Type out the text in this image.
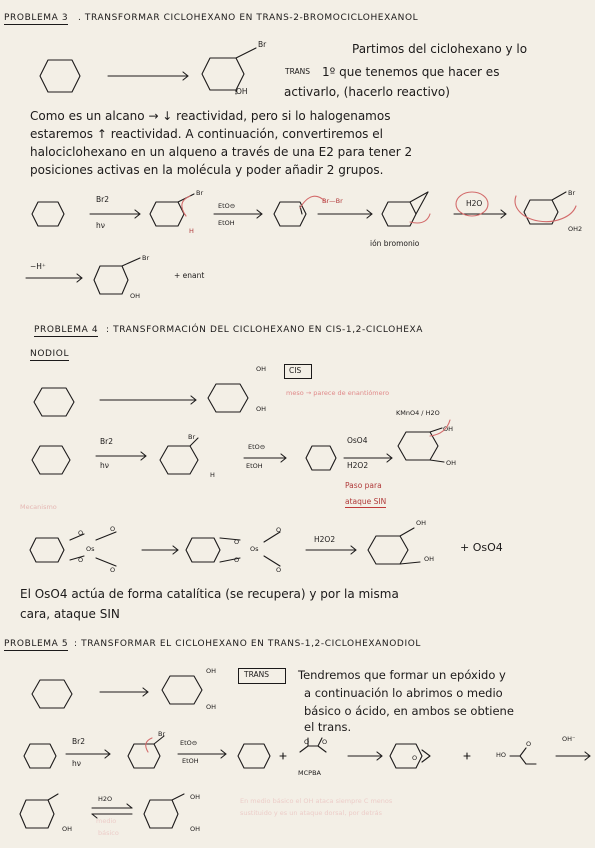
PROBLEMA 3 . TRANSFORMAR CICLOHEXANO EN TRANS-2-BROMOCICLOHEXANOL
Partimos del ciclohexano y lo
TRANS 1º que tenemos que hacer es
activarlo, (hacerlo reactivo)
Br
OH
Como es un alcano → ↓ reactividad, pero si lo halogenamos
estaremos ↑ reactividad. A continuación, convertiremos el
halociclohexano en un alqueno a través de una E2 para tener 2
posiciones activas en la molécula y poder añadir 2 grupos.
Br2
hν
Br
H
EtO⊖
EtOH
Br—Br	H2O
Br
OH2
ión bromonio
−H⁺
Br
+ enant
OH
PROBLEMA 4 : TRANSFORMACIÓN DEL CICLOHEXANO EN CIS-1,2-CICLOHEXA
NODIOL
OH
OH
CIS
meso → parece de enantiómero
KMnO4 / H2O
Br2
hν
Br
H
EtO⊖
EtOH
OsO4
H2O2
OH
OH
Paso para
ataque SIN
Mecanismo
Os	Os
H2O2
OH
OH
+ OsO4
El OsO4 actúa de forma catalítica (se recupera) y por la misma
cara, ataque SIN
PROBLEMA 5 : TRANSFORMAR EL CICLOHEXANO EN TRANS-1,2-CICLOHEXANODIOL
OH
OH
TRANS	Tendremos que formar un epóxido y
a continuación lo abrimos o medio
básico o ácido, en ambos se obtiene
el trans.
Br2
hν
Br
EtO⊖
EtOH
MCPBA
HO
OH⁻
H2O
OH
OH
OH
medio
básico
En medio básico el OH ataca siempre C menos
sustituido y es un ataque dorsal, por detrás
O
O
O
O
O
O
O
O
O O
O
O
